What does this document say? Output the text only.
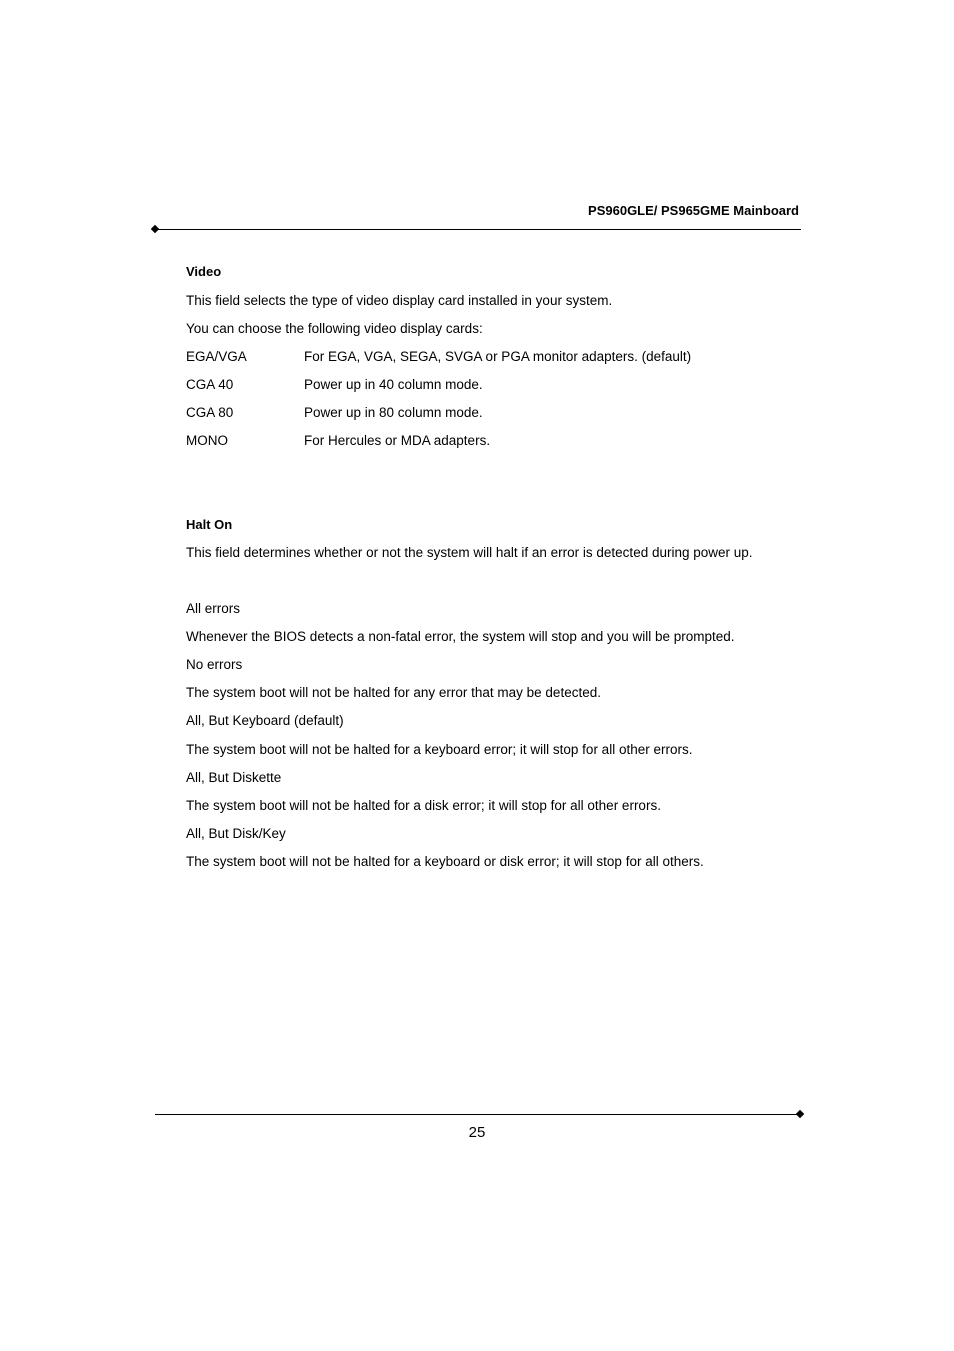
PS960GLE/ PS965GME Mainboard
Video
This field selects the type of video display card installed in your system.
You can choose the following video display cards:
EGA/VGA	For EGA, VGA, SEGA, SVGA or PGA monitor adapters. (default)
CGA 40	Power up in 40 column mode.
CGA 80	Power up in 80 column mode.
MONO	For Hercules or MDA adapters.
Halt On
This field determines whether or not the system will halt if an error is detected during power up.
All errors
Whenever the BIOS detects a non-fatal error, the system will stop and you will be prompted.
No errors
The system boot will not be halted for any error that may be detected.
All, But Keyboard (default)
The system boot will not be halted for a keyboard error; it will stop for all other errors.
All, But Diskette
The system boot will not be halted for a disk error; it will stop for all other errors.
All, But Disk/Key
The system boot will not be halted for a keyboard or disk error; it will stop for all others.
25
